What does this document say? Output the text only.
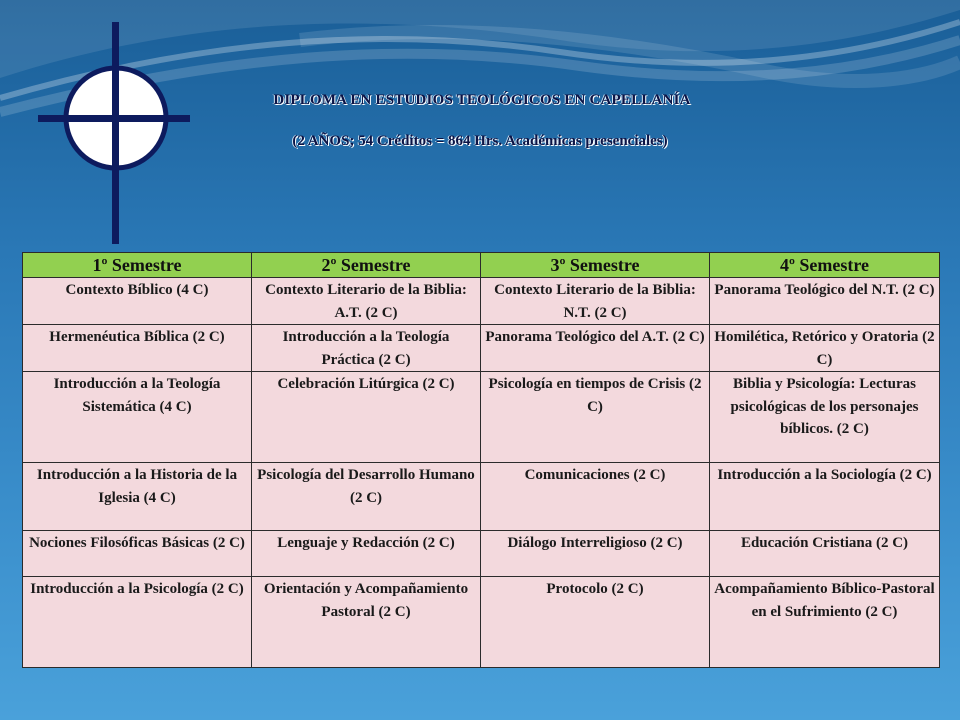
DIPLOMA EN ESTUDIOS TEOLÓGICOS EN CAPELLANÍA
(2 AÑOS; 54 Créditos = 864 Hrs. Académicas presenciales)
1º Semestre	2º Semestre	3º Semestre	4º Semestre
Contexto Bíblico (4 C)	Contexto Literario de la Biblia: A.T. (2 C)	Contexto Literario de la Biblia: N.T. (2 C)	Panorama Teológico del N.T. (2 C)
Hermenéutica Bíblica (2 C)	Introducción a la Teología Práctica (2 C)	Panorama Teológico del A.T. (2 C)	Homilética, Retórico y Oratoria (2 C)
Introducción a la Teología Sistemática (4 C)	Celebración Litúrgica (2 C)	Psicología en tiempos de Crisis (2 C)	Biblia y Psicología: Lecturas psicológicas de los personajes bíblicos. (2 C)
Introducción a la Historia de la Iglesia (4 C)	Psicología del Desarrollo Humano (2 C)	Comunicaciones (2 C)	Introducción a la Sociología (2 C)
Nociones Filosóficas Básicas (2 C)	Lenguaje y Redacción (2 C)	Diálogo Interreligioso (2 C)	Educación Cristiana (2 C)
Introducción a la Psicología (2 C)	Orientación y Acompañamiento Pastoral (2 C)	Protocolo (2 C)	Acompañamiento Bíblico-Pastoral en el Sufrimiento (2 C)
